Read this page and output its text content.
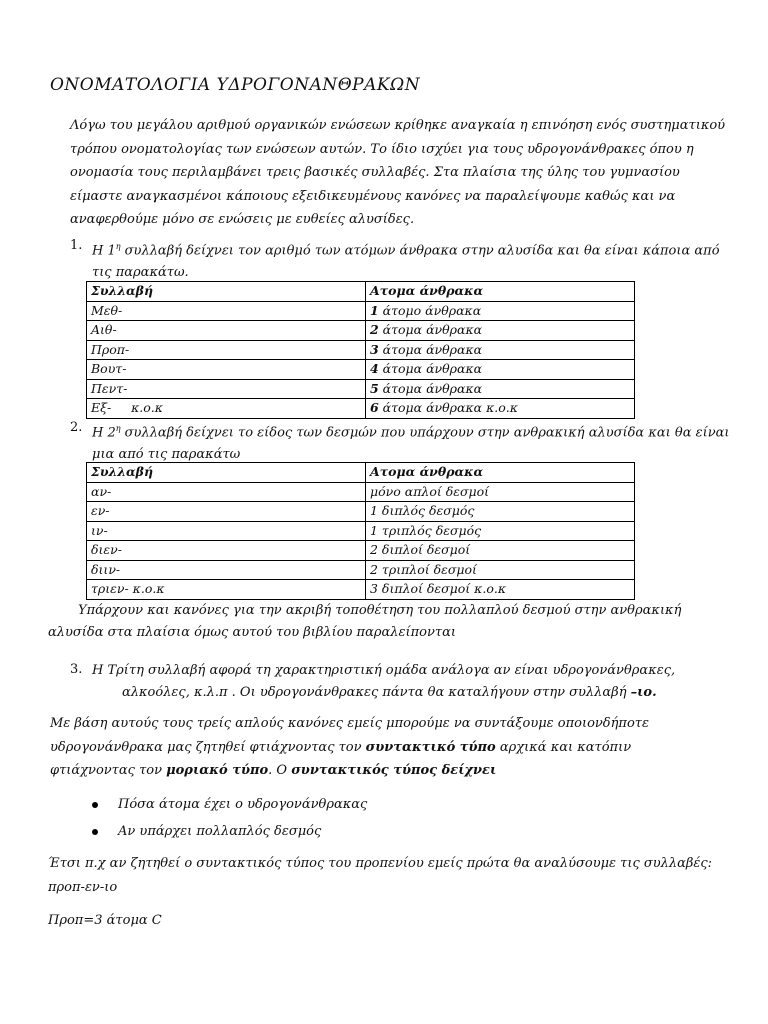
ΟΝΟΜΑΤΟΛΟΓΙΑ ΥΔΡΟΓΟΝΑΝΘΡΑΚΩΝ
Λόγω του μεγάλου αριθμού οργανικών ενώσεων κρίθηκε αναγκαία η επινόηση ενός συστηματικού τρόπου ονοματολογίας των ενώσεων αυτών. Το ίδιο ισχύει για τους υδρογονάνθρακες όπου η ονομασία τους περιλαμβάνει τρεις βασικές συλλαβές. Στα πλαίσια της ύλης του γυμνασίου είμαστε αναγκασμένοι κάποιους εξειδικευμένους κανόνες να παραλείψουμε καθώς και να αναφερθούμε μόνο σε ενώσεις με ευθείες αλυσίδες.
1. Η $1^\eta$ συλλαβή δείχνει τον αριθμό των ατόμων άνθρακα στην αλυσίδα και θα είναι κάποια από τις παρακάτω.
Συλλαβή	Ατομα άνθρακα
Μεθ-	1 άτομο άνθρακα
Αιθ-	2 άτομα άνθρακα
Προπ-	3 άτομα άνθρακα
Βουτ-	4 άτομα άνθρακα
Πεντ-	5 άτομα άνθρακα
Εξ-     κ.ο.κ	6 άτομα άνθρακα κ.ο.κ
2. Η $2^\eta$ συλλαβή δείχνει το είδος των δεσμών που υπάρχουν στην ανθρακική αλυσίδα και θα είναι μια από τις παρακάτω
Συλλαβή	Ατομα άνθρακα
αν-	μόνο απλοί δεσμοί
εν-	1 διπλός δεσμός
ιν-	1 τριπλός δεσμός
διεν-	2 διπλοί δεσμοί
διιν-	2 τριπλοί δεσμοί
τριεν- κ.ο.κ	3 διπλοί δεσμοί κ.ο.κ
Υπάρχουν και κανόνες για την ακριβή τοποθέτηση του πολλαπλού δεσμού στην ανθρακική αλυσίδα στα πλαίσια όμως αυτού του βιβλίου παραλείπονται
3. Η Τρίτη συλλαβή αφορά τη χαρακτηριστική ομάδα ανάλογα αν είναι υδρογονάνθρακες,
αλκοόλες, κ.λ.π . Οι υδρογονάνθρακες πάντα θα καταλήγουν στην συλλαβή –ιο.
Με βάση αυτούς τους τρείς απλούς κανόνες εμείς μπορούμε να συντάξουμε οποιονδήποτε υδρογονάνθρακα μας ζητηθεί φτιάχνοντας τον συντακτικό τύπο αρχικά και κατόπιν φτιάχνοντας τον μοριακό τύπο. Ο συντακτικός τύπος δείχνει
Πόσα άτομα έχει ο υδρογονάνθρακας
Αν υπάρχει πολλαπλός δεσμός
Έτσι π.χ αν ζητηθεί ο συντακτικός τύπος του προπενίου εμείς πρώτα θα αναλύσουμε τις συλλαβές: προπ-εν-ιο
Προπ=3 άτομα C
